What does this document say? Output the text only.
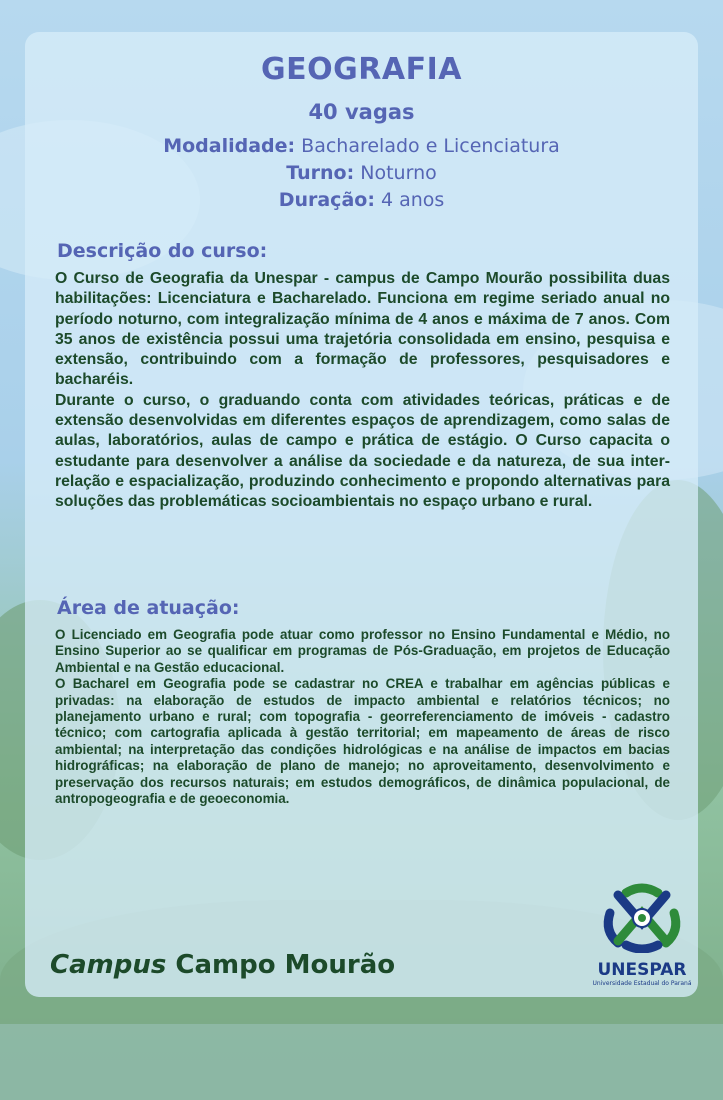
GEOGRAFIA
40 vagas
Modalidade: Bacharelado e Licenciatura
Turno: Noturno
Duração: 4 anos
Descrição do curso:

O Curso de Geografia da Unespar - campus de Campo Mourão possibilita duas habilitações: Licenciatura e Bacharelado. Funciona em regime seriado anual no período noturno, com integralização mínima de 4 anos e máxima de 7 anos. Com 35 anos de existência possui uma trajetória consolidada em ensino, pesquisa e extensão, contribuindo com a formação de professores, pesquisadores e bacharéis.

Durante o curso, o graduando conta com atividades teóricas, práticas e de extensão desenvolvidas em diferentes espaços de aprendizagem, como salas de aulas, laboratórios, aulas de campo e prática de estágio. O Curso capacita o estudante para desenvolver a análise da sociedade e da natureza, de sua inter-relação e espacialização, produzindo conhecimento e propondo alternativas para soluções das problemáticas socioambientais no espaço urbano e rural.

Área de atuação:

O Licenciado em Geografia pode atuar como professor no Ensino Fundamental e Médio, no Ensino Superior ao se qualificar em programas de Pós-Graduação, em projetos de Educação Ambiental e na Gestão educacional.

O Bacharel em Geografia pode se cadastrar no CREA e trabalhar em agências públicas e privadas: na elaboração de estudos de impacto ambiental e relatórios técnicos; no planejamento urbano e rural; com topografia - georreferenciamento de imóveis - cadastro técnico; com cartografia aplicada à gestão territorial; em mapeamento de áreas de risco ambiental; na interpretação das condições hidrológicas e na análise de impactos em bacias hidrográficas; na elaboração de plano de manejo; no aproveitamento, desenvolvimento e preservação dos recursos naturais; em estudos demográficos, de dinâmica populacional, de antropogeografia e de geoeconomia.

Campus Campo Mourão	UNESPAR
Universidade Estadual do Paraná
